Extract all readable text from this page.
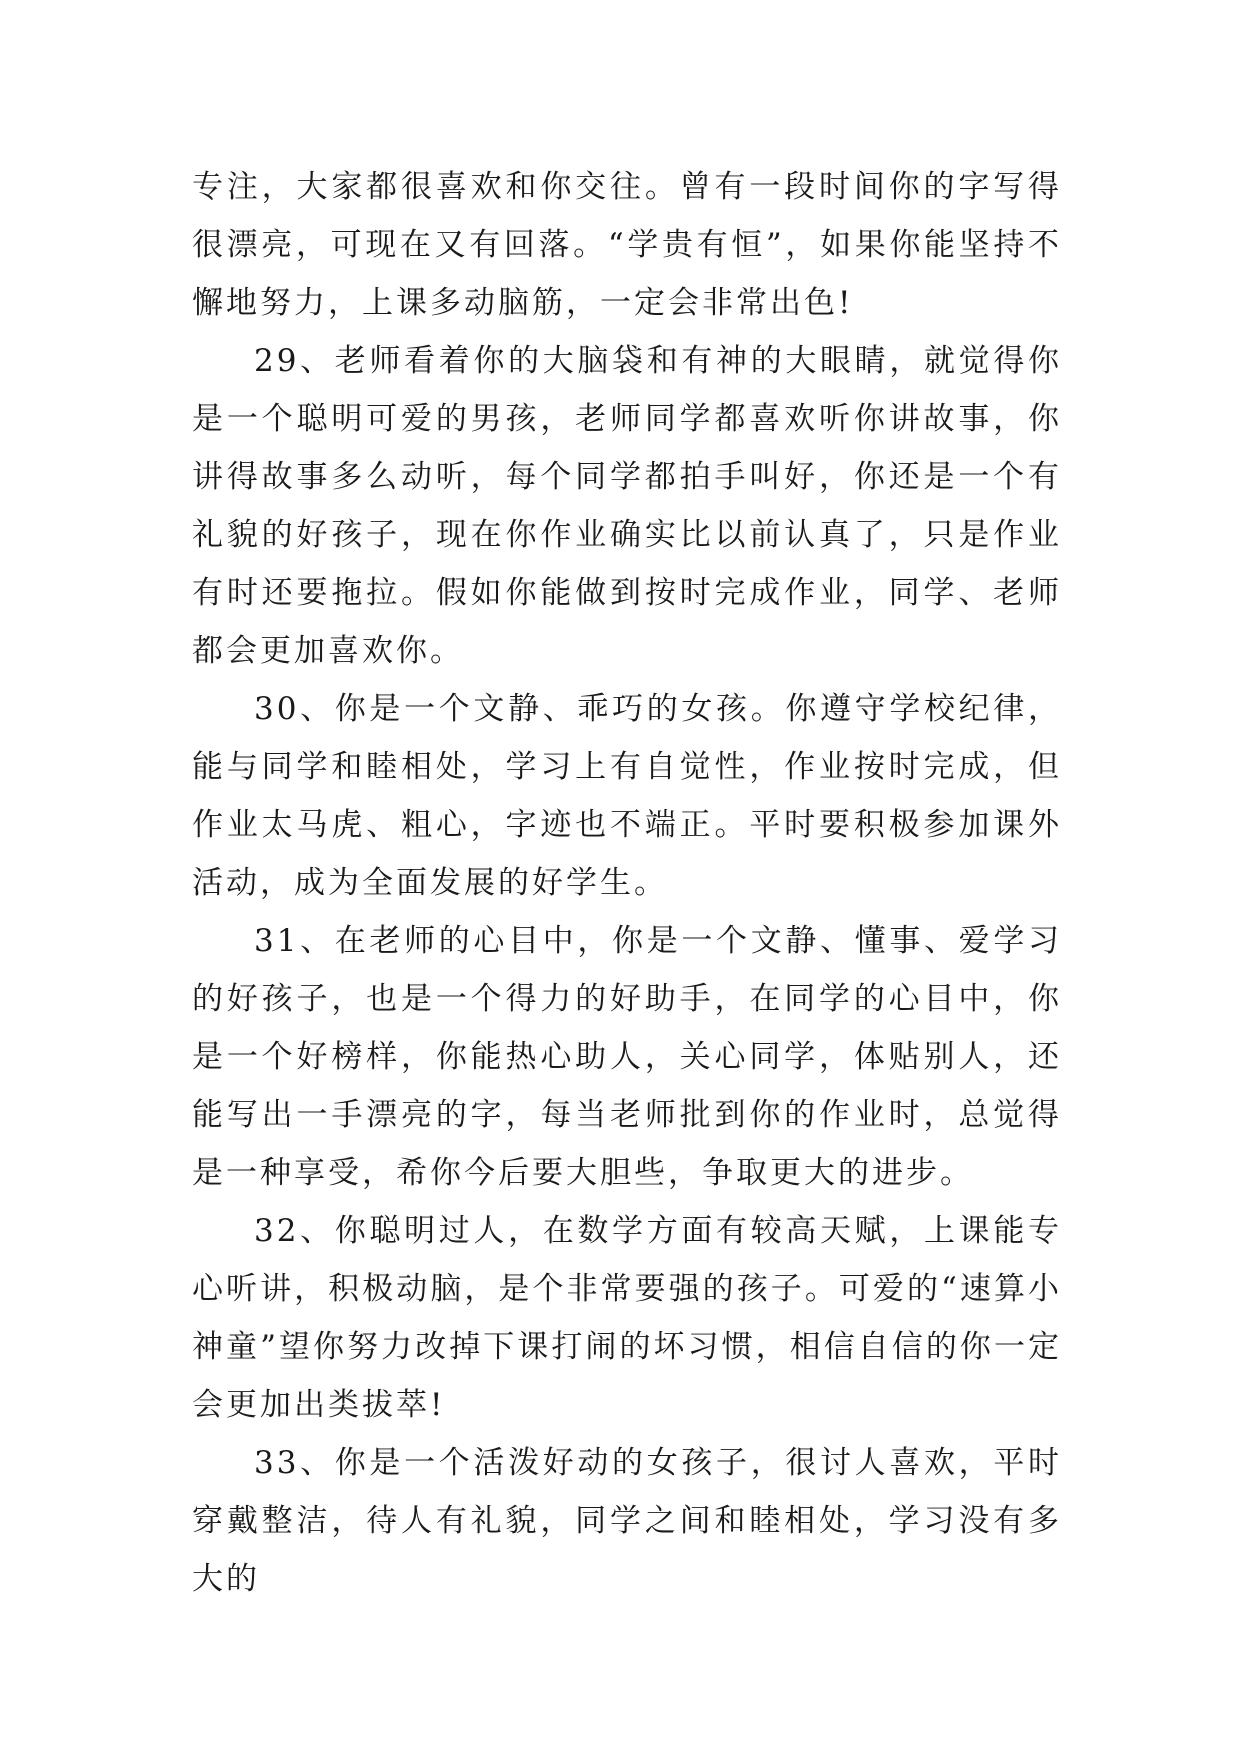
专注，大家都很喜欢和你交往。曾有一段时间你的字写得很漂亮，可现在又有回落。“学贵有恒”，如果你能坚持不懈地努力，上课多动脑筋，一定会非常出色!

29、老师看着你的大脑袋和有神的大眼睛，就觉得你是一个聪明可爱的男孩，老师同学都喜欢听你讲故事，你讲得故事多么动听，每个同学都拍手叫好，你还是一个有礼貌的好孩子，现在你作业确实比以前认真了，只是作业有时还要拖拉。假如你能做到按时完成作业，同学、老师都会更加喜欢你。

30、你是一个文静、乖巧的女孩。你遵守学校纪律，能与同学和睦相处，学习上有自觉性，作业按时完成，但作业太马虎、粗心，字迹也不端正。平时要积极参加课外活动，成为全面发展的好学生。

31、在老师的心目中，你是一个文静、懂事、爱学习的好孩子，也是一个得力的好助手，在同学的心目中，你是一个好榜样，你能热心助人，关心同学，体贴别人，还能写出一手漂亮的字，每当老师批到你的作业时，总觉得是一种享受，希你今后要大胆些，争取更大的进步。

32、你聪明过人，在数学方面有较高天赋，上课能专心听讲，积极动脑，是个非常要强的孩子。可爱的“速算小神童”望你努力改掉下课打闹的坏习惯，相信自信的你一定会更加出类拔萃!

33、你是一个活泼好动的女孩子，很讨人喜欢，平时穿戴整洁，待人有礼貌，同学之间和睦相处，学习没有多大的
